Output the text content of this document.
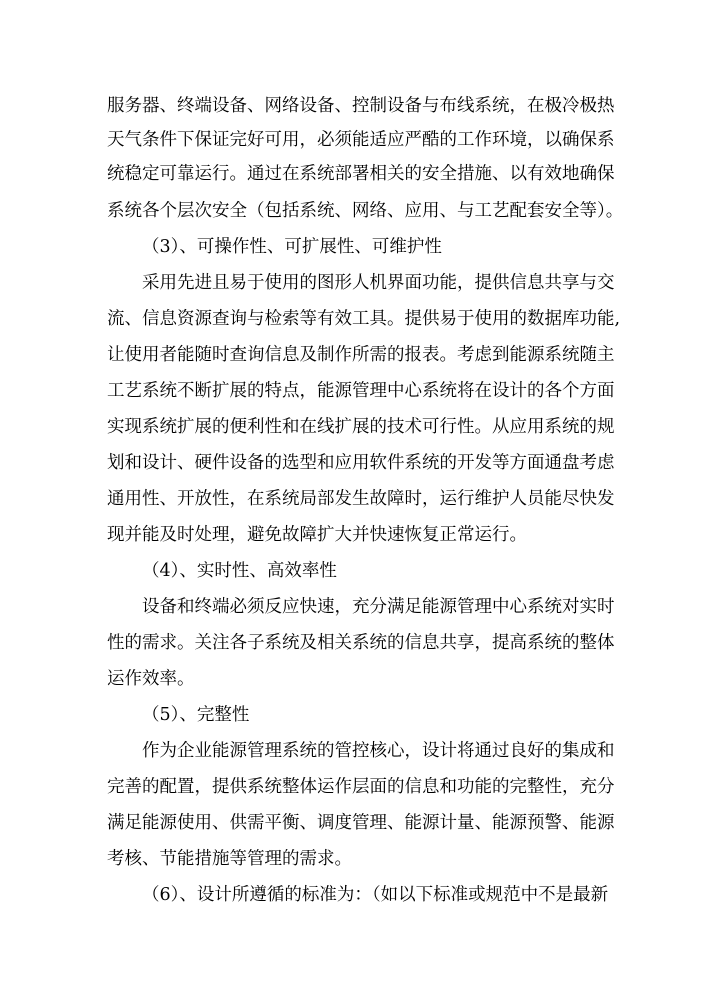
服务器、终端设备、网络设备、控制设备与布线系统，在极冷极热
天气条件下保证完好可用，必须能适应严酷的工作环境，以确保系
统稳定可靠运行。通过在系统部署相关的安全措施、以有效地确保
系统各个层次安全（包括系统、网络、应用、与工艺配套安全等）。
（3）、可操作性、可扩展性、可维护性
采用先进且易于使用的图形人机界面功能，提供信息共享与交
流、信息资源查询与检索等有效工具。提供易于使用的数据库功能,
让使用者能随时查询信息及制作所需的报表。考虑到能源系统随主
工艺系统不断扩展的特点，能源管理中心系统将在设计的各个方面
实现系统扩展的便利性和在线扩展的技术可行性。从应用系统的规
划和设计、硬件设备的选型和应用软件系统的开发等方面通盘考虑
通用性、开放性，在系统局部发生故障时，运行维护人员能尽快发
现并能及时处理，避免故障扩大并快速恢复正常运行。
（4）、实时性、高效率性
设备和终端必须反应快速，充分满足能源管理中心系统对实时
性的需求。关注各子系统及相关系统的信息共享，提高系统的整体
运作效率。
（5）、完整性
作为企业能源管理系统的管控核心，设计将通过良好的集成和
完善的配置，提供系统整体运作层面的信息和功能的完整性，充分
满足能源使用、供需平衡、调度管理、能源计量、能源预警、能源
考核、节能措施等管理的需求。
（6）、设计所遵循的标准为：（如以下标准或规范中不是最新
